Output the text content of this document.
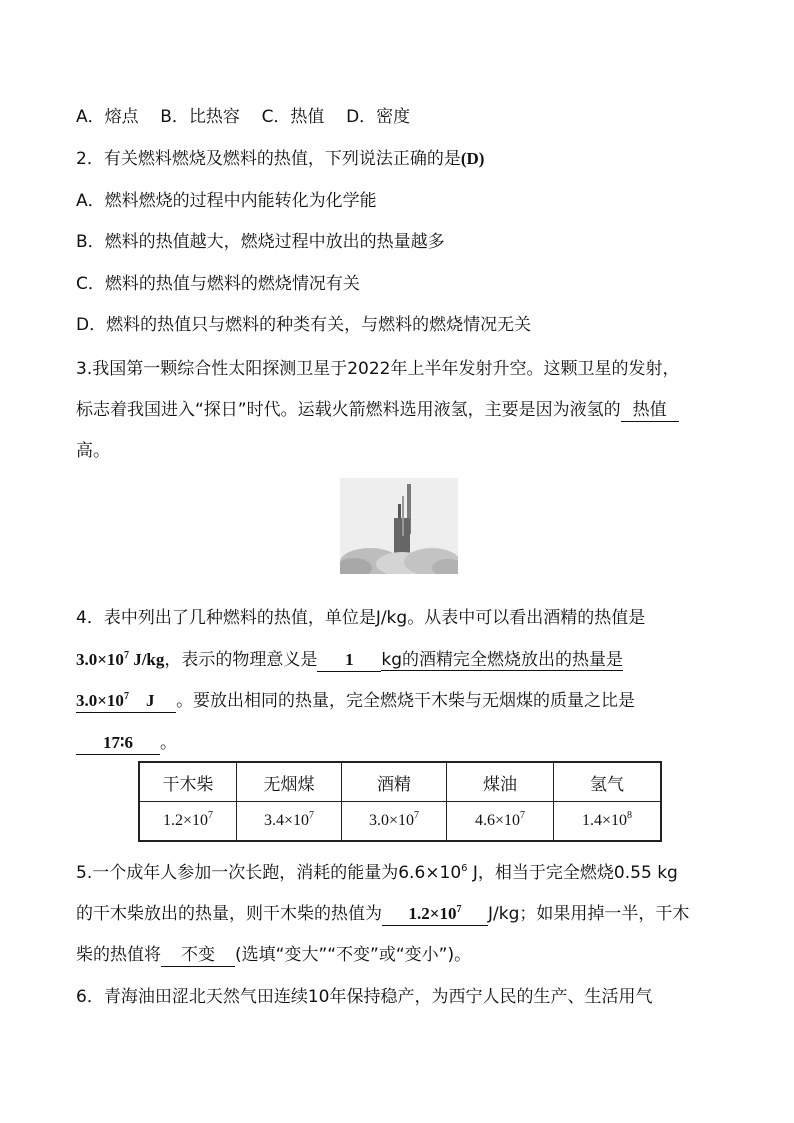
A．熔点 B．比热容 C．热值 D．密度
2．有关燃料燃烧及燃料的热值，下列说法正确的是(D)
A．燃料燃烧的过程中内能转化为化学能
B．燃料的热值越大，燃烧过程中放出的热量越多
C．燃料的热值与燃料的燃烧情况有关
D．燃料的热值只与燃料的种类有关，与燃料的燃烧情况无关
3.我国第一颗综合性太阳探测卫星于2022年上半年发射升空。这颗卫星的发射，
标志着我国进入“探日”时代。运载火箭燃料选用液氢，主要是因为液氢的 热值
高。
4．表中列出了几种燃料的热值，单位是J/kg。从表中可以看出酒精的热值是
$3.0\times 10^7$ J/kg，表示的物理意义是 1 kg的酒精完全燃烧放出的热量是
$3.0\times 10^7$ J 。要放出相同的热量，完全燃烧干木柴与无烟煤的质量之比是
17∶6 。
干木柴	无烟煤	酒精	煤油	氢气
$1.2\times 10^7$	$3.4\times 10^7$	$3.0\times 10^7$	$4.6\times 10^7$	$1.4\times 10^8$
5.一个成年人参加一次长跑，消耗的能量为$6.6\times 10^6$ J，相当于完全燃烧0.55 kg
的干木柴放出的热量，则干木柴的热值为 $1.2\times 10^7$ J/kg；如果用掉一半，干木
柴的热值将 不变 (选填“变大”“不变”或“变小”)。
6．青海油田涩北天然气田连续10年保持稳产，为西宁人民的生产、生活用气
